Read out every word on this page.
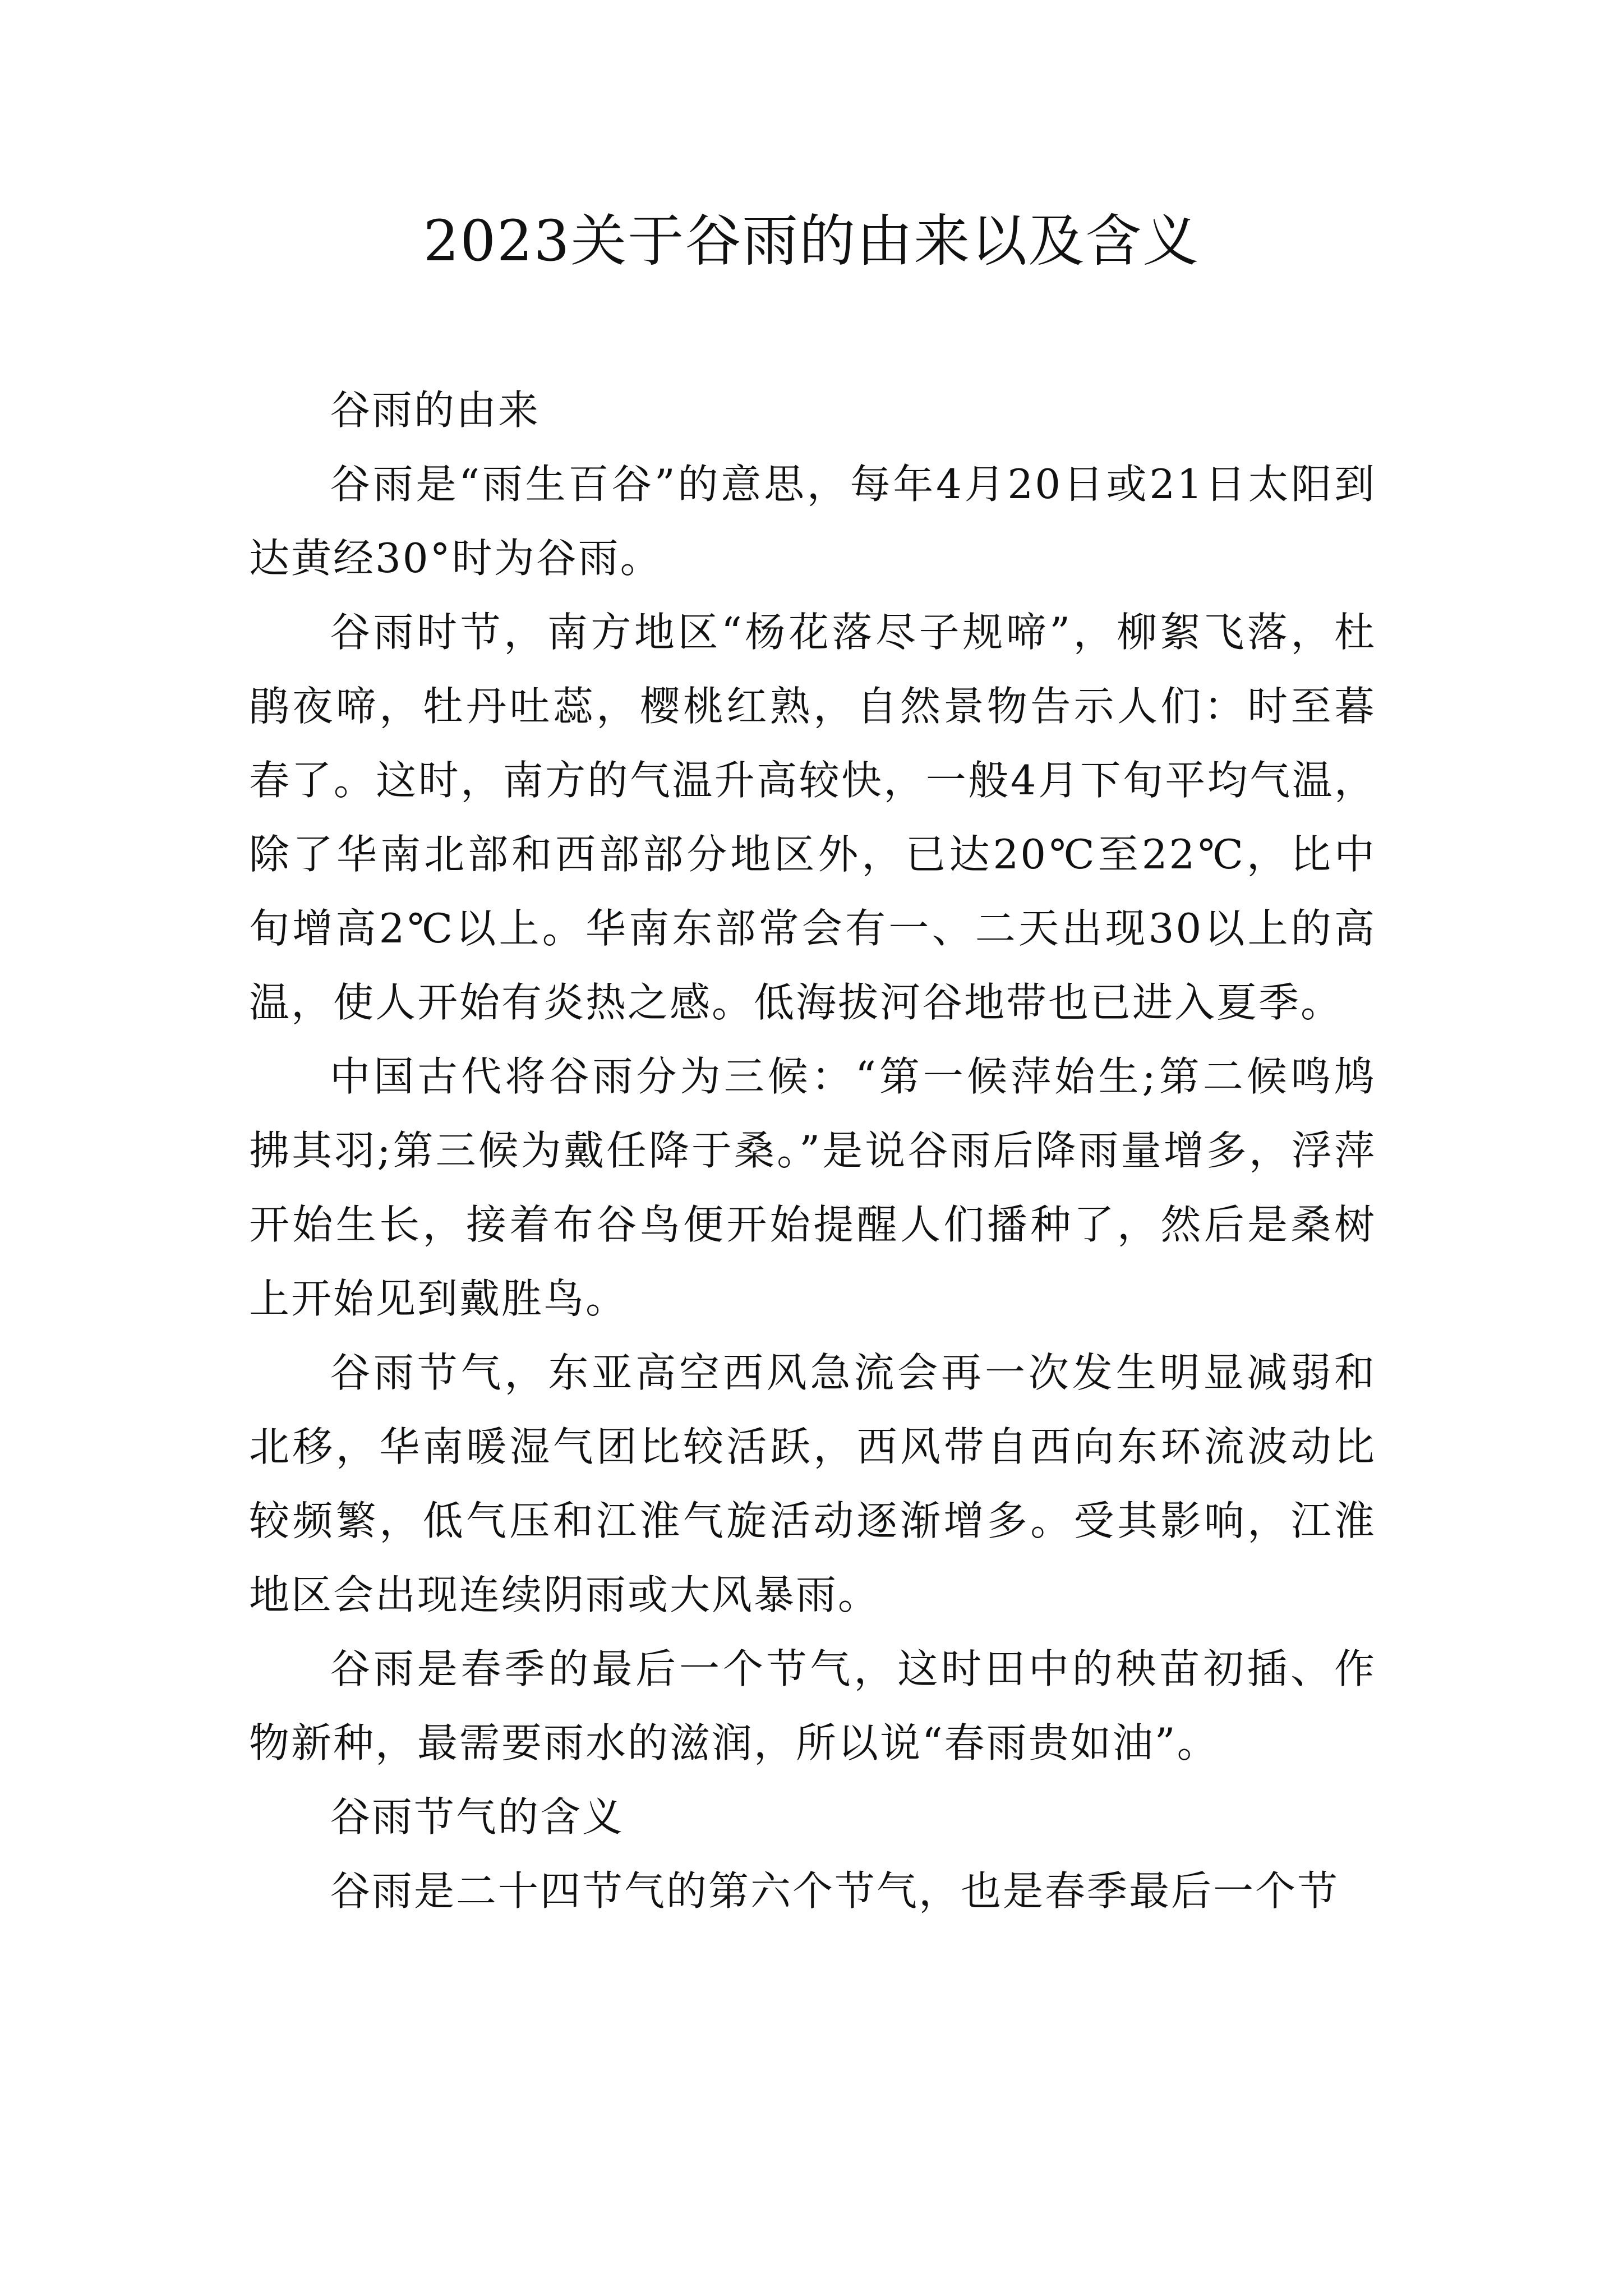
2023关于谷雨的由来以及含义

谷雨的由来

谷雨是“雨生百谷”的意思，每年4月20日或21日太阳到达黄经30°时为谷雨。

谷雨时节，南方地区“杨花落尽子规啼”，柳絮飞落，杜鹃夜啼，牡丹吐蕊，樱桃红熟，自然景物告示人们：时至暮春了。这时，南方的气温升高较快，一般4月下旬平均气温，除了华南北部和西部部分地区外，已达20℃至22℃，比中旬增高2℃以上。华南东部常会有一、二天出现30以上的高温，使人开始有炎热之感。低海拔河谷地带也已进入夏季。

中国古代将谷雨分为三候：“第一候萍始生;第二候鸣鸠拂其羽;第三候为戴任降于桑。”是说谷雨后降雨量增多，浮萍开始生长，接着布谷鸟便开始提醒人们播种了，然后是桑树上开始见到戴胜鸟。

谷雨节气，东亚高空西风急流会再一次发生明显减弱和北移，华南暖湿气团比较活跃，西风带自西向东环流波动比较频繁，低气压和江淮气旋活动逐渐增多。受其影响，江淮地区会出现连续阴雨或大风暴雨。

谷雨是春季的最后一个节气，这时田中的秧苗初插、作物新种，最需要雨水的滋润，所以说“春雨贵如油”。

谷雨节气的含义

谷雨是二十四节气的第六个节气，也是春季最后一个节
